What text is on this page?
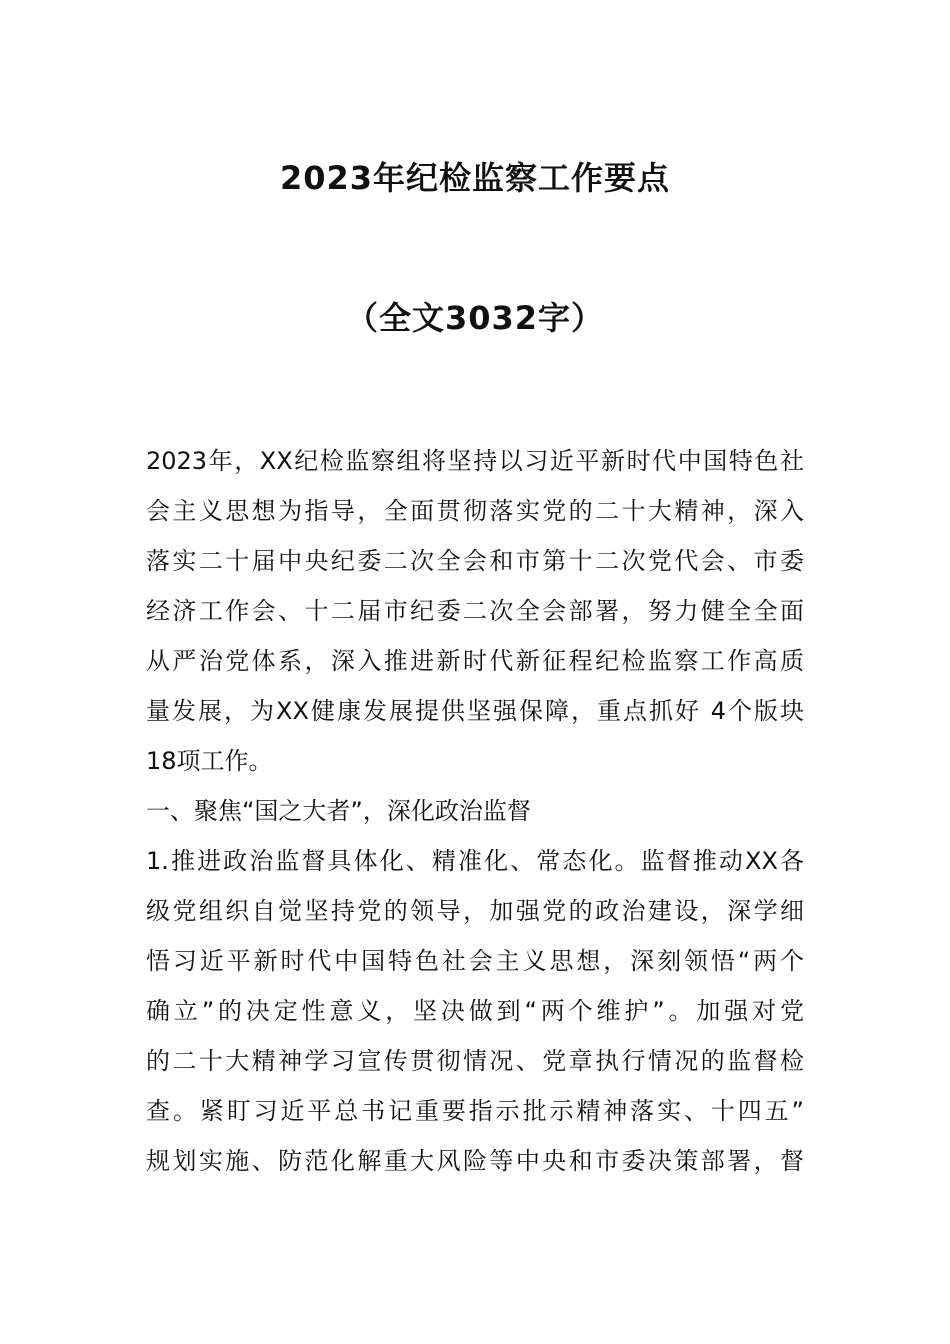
2023年纪检监察工作要点
（全文3032字）
2023年，XX纪检监察组将坚持以习近平新时代中国特色社
会主义思想为指导，全面贯彻落实党的二十大精神，深入
落实二十届中央纪委二次全会和市第十二次党代会、市委
经济工作会、十二届市纪委二次全会部署，努力健全全面
从严治党体系，深入推进新时代新征程纪检监察工作高质
量发展，为XX健康发展提供坚强保障，重点抓好 4个版块
18项工作。
一、聚焦“国之大者”，深化政治监督
1.推进政治监督具体化、精准化、常态化。监督推动XX各
级党组织自觉坚持党的领导，加强党的政治建设，深学细
悟习近平新时代中国特色社会主义思想，深刻领悟“两个
确立”的决定性意义，坚决做到“两个维护”。加强对党
的二十大精神学习宣传贯彻情况、党章执行情况的监督检
查。紧盯习近平总书记重要指示批示精神落实、十四五”
规划实施、防范化解重大风险等中央和市委决策部署，督
